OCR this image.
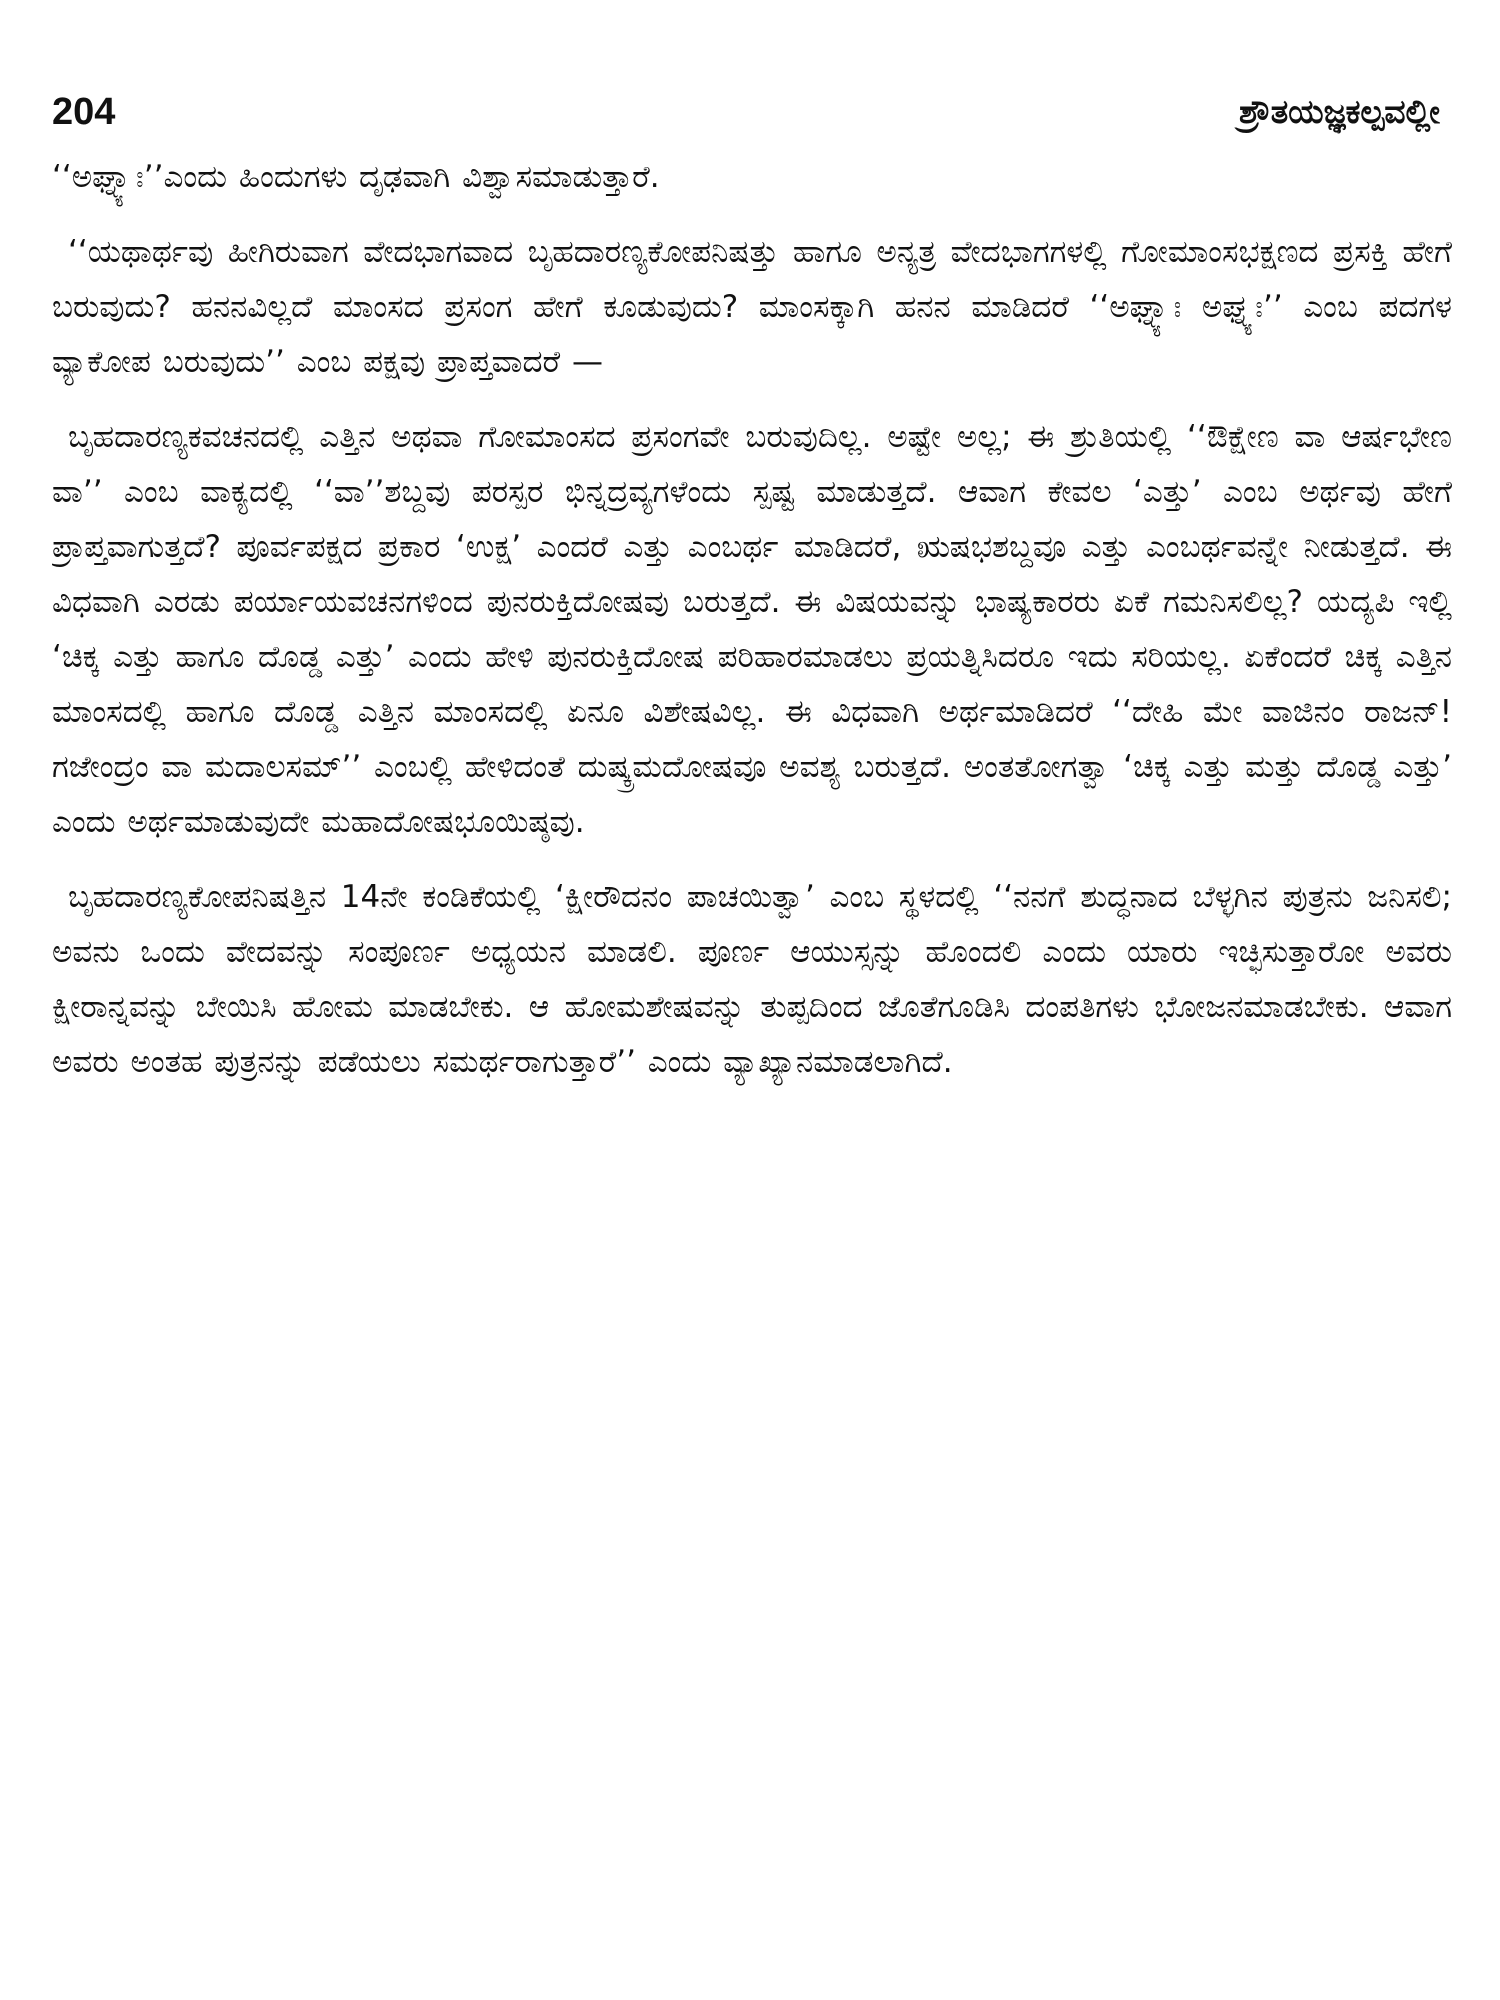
204	ಶ್ರೌತಯಜ್ಞಕಲ್ಪವಲ್ಲೀ

‘‘ಅಘ್ನ್ಯಾಃ’’ಎಂದು ಹಿಂದುಗಳು ದೃಢವಾಗಿ ವಿಶ್ವಾಸಮಾಡುತ್ತಾರೆ.

‘‘ಯಥಾರ್ಥವು ಹೀಗಿರುವಾಗ ವೇದಭಾಗವಾದ ಬೃಹದಾರಣ್ಯಕೋಪನಿಷತ್ತು ಹಾಗೂ ಅನ್ಯತ್ರ ವೇದಭಾಗಗಳಲ್ಲಿ ಗೋಮಾಂಸಭಕ್ಷಣದ ಪ್ರಸಕ್ತಿ ಹೇಗೆ ಬರುವುದು? ಹನನವಿಲ್ಲದೆ ಮಾಂಸದ ಪ್ರಸಂಗ ಹೇಗೆ ಕೂಡುವುದು? ಮಾಂಸಕ್ಕಾಗಿ ಹನನ ಮಾಡಿದರೆ ‘‘ಅಘ್ನ್ಯಾಃ ಅಘ್ನ್ಯಃ’’ ಎಂಬ ಪದಗಳ ವ್ಯಾಕೋಪ ಬರುವುದು’’ ಎಂಬ ಪಕ್ಷವು ಪ್ರಾಪ್ತವಾದರೆ —

ಬೃಹದಾರಣ್ಯಕವಚನದಲ್ಲಿ ಎತ್ತಿನ ಅಥವಾ ಗೋಮಾಂಸದ ಪ್ರಸಂಗವೇ ಬರುವುದಿಲ್ಲ. ಅಷ್ಟೇ ಅಲ್ಲ; ಈ ಶ್ರುತಿಯಲ್ಲಿ ‘‘ಔಕ್ಷೇಣ ವಾ ಆರ್ಷಭೇಣ ವಾ’’ ಎಂಬ ವಾಕ್ಯದಲ್ಲಿ ‘‘ವಾ’’ಶಬ್ದವು ಪರಸ್ಪರ ಭಿನ್ನದ್ರವ್ಯಗಳೆಂದು ಸ್ಪಷ್ಟ ಮಾಡುತ್ತದೆ. ಆವಾಗ ಕೇವಲ ‘ಎತ್ತು’ ಎಂಬ ಅರ್ಥವು ಹೇಗೆ ಪ್ರಾಪ್ತವಾಗುತ್ತದೆ? ಪೂರ್ವಪಕ್ಷದ ಪ್ರಕಾರ ‘ಉಕ್ಷ’ ಎಂದರೆ ಎತ್ತು ಎಂಬರ್ಥ ಮಾಡಿದರೆ, ಋಷಭಶಬ್ದವೂ ಎತ್ತು ಎಂಬರ್ಥವನ್ನೇ ನೀಡುತ್ತದೆ. ಈ ವಿಧವಾಗಿ ಎರಡು ಪರ್ಯಾಯವಚನಗಳಿಂದ ಪುನರುಕ್ತಿದೋಷವು ಬರುತ್ತದೆ. ಈ ವಿಷಯವನ್ನು ಭಾಷ್ಯಕಾರರು ಏಕೆ ಗಮನಿಸಲಿಲ್ಲ? ಯದ್ಯಪಿ ಇಲ್ಲಿ ‘ಚಿಕ್ಕ ಎತ್ತು ಹಾಗೂ ದೊಡ್ಡ ಎತ್ತು’ ಎಂದು ಹೇಳಿ ಪುನರುಕ್ತಿದೋಷ ಪರಿಹಾರಮಾಡಲು ಪ್ರಯತ್ನಿಸಿದರೂ ಇದು ಸರಿಯಲ್ಲ. ಏಕೆಂದರೆ ಚಿಕ್ಕ ಎತ್ತಿನ ಮಾಂಸದಲ್ಲಿ ಹಾಗೂ ದೊಡ್ಡ ಎತ್ತಿನ ಮಾಂಸದಲ್ಲಿ ಏನೂ ವಿಶೇಷವಿಲ್ಲ. ಈ ವಿಧವಾಗಿ ಅರ್ಥಮಾಡಿದರೆ ‘‘ದೇಹಿ ಮೇ ವಾಜಿನಂ ರಾಜನ್! ಗಜೇಂದ್ರಂ ವಾ ಮದಾಲಸಮ್’’ ಎಂಬಲ್ಲಿ ಹೇಳಿದಂತೆ ದುಷ್ಕ್ರಮದೋಷವೂ ಅವಶ್ಯ ಬರುತ್ತದೆ. ಅಂತತೋಗತ್ವಾ ‘ಚಿಕ್ಕ ಎತ್ತು ಮತ್ತು ದೊಡ್ಡ ಎತ್ತು’ ಎಂದು ಅರ್ಥಮಾಡುವುದೇ ಮಹಾದೋಷಭೂಯಿಷ್ಠವು.

ಬೃಹದಾರಣ್ಯಕೋಪನಿಷತ್ತಿನ 14ನೇ ಕಂಡಿಕೆಯಲ್ಲಿ ‘ಕ್ಷೀರೌದನಂ ಪಾಚಯಿತ್ವಾ’ ಎಂಬ ಸ್ಥಳದಲ್ಲಿ ‘‘ನನಗೆ ಶುದ್ಧನಾದ ಬೆಳ್ಳಗಿನ ಪುತ್ರನು ಜನಿಸಲಿ; ಅವನು ಒಂದು ವೇದವನ್ನು ಸಂಪೂರ್ಣ ಅಧ್ಯಯನ ಮಾಡಲಿ. ಪೂರ್ಣ ಆಯುಸ್ಸನ್ನು ಹೊಂದಲಿ ಎಂದು ಯಾರು ಇಚ್ಛಿಸುತ್ತಾರೋ ಅವರು ಕ್ಷೀರಾನ್ನವನ್ನು ಬೇಯಿಸಿ ಹೋಮ ಮಾಡಬೇಕು. ಆ ಹೋಮಶೇಷವನ್ನು ತುಪ್ಪದಿಂದ ಜೊತೆಗೂಡಿಸಿ ದಂಪತಿಗಳು ಭೋಜನಮಾಡಬೇಕು. ಆವಾಗ ಅವರು ಅಂತಹ ಪುತ್ರನನ್ನು ಪಡೆಯಲು ಸಮರ್ಥರಾಗುತ್ತಾರೆ’’ ಎಂದು ವ್ಯಾಖ್ಯಾನಮಾಡಲಾಗಿದೆ.
